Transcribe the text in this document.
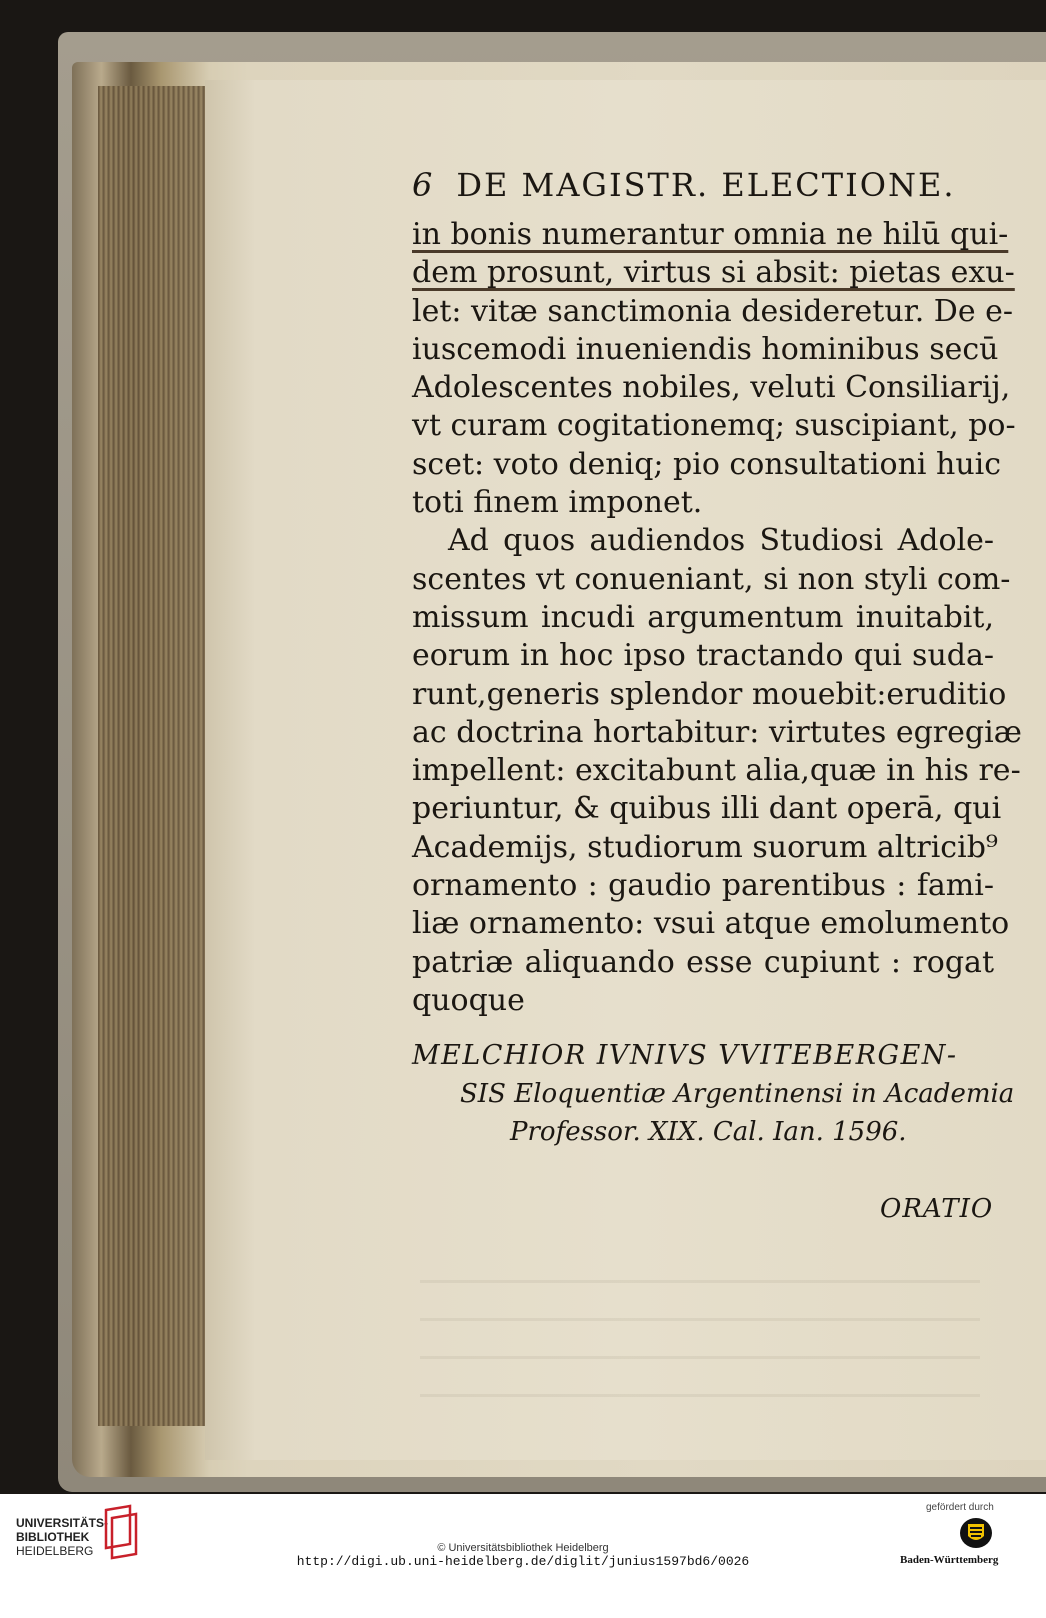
6 DE MAGISTR. ELECTIONE.
in bonis numerantur omnia ne hilū qui-
dem prosunt, virtus si absit: pietas exu-
let: vitæ sanctimonia desideretur. De e-
iuscemodi inueniendis hominibus secū
Adolescentes nobiles, veluti Consiliarij,
vt curam cogitationemq; suscipiant, po-
scet: voto deniq; pio consultationi huic
toti finem imponet.
Ad quos audiendos Studiosi Adole-
scentes vt conueniant, si non styli com-
missum incudi argumentum inuitabit,
eorum in hoc ipso tractando qui suda-
runt,generis splendor mouebit:eruditio
ac doctrina hortabitur: virtutes egregiæ
impellent: excitabunt alia,quæ in his re-
periuntur, & quibus illi dant operā, qui
Academijs, studiorum suorum altricib⁹
ornamento : gaudio parentibus : fami-
liæ ornamento: vsui atque emolumento
patriæ aliquando esse cupiunt : rogat
quoque
MELCHIOR IVNIVS VVITEBERGEN-
SIS Eloquentiæ Argentinensi in Academia
Professor. XIX. Cal. Ian. 1596.
ORATIO
UNIVERSITÄTS-
BIBLIOTHEK
HEIDELBERG	© Universitätsbibliothek Heidelberg
http://digi.ub.uni-heidelberg.de/diglit/junius1597bd6/0026
gefördert durch
Baden-Württemberg
